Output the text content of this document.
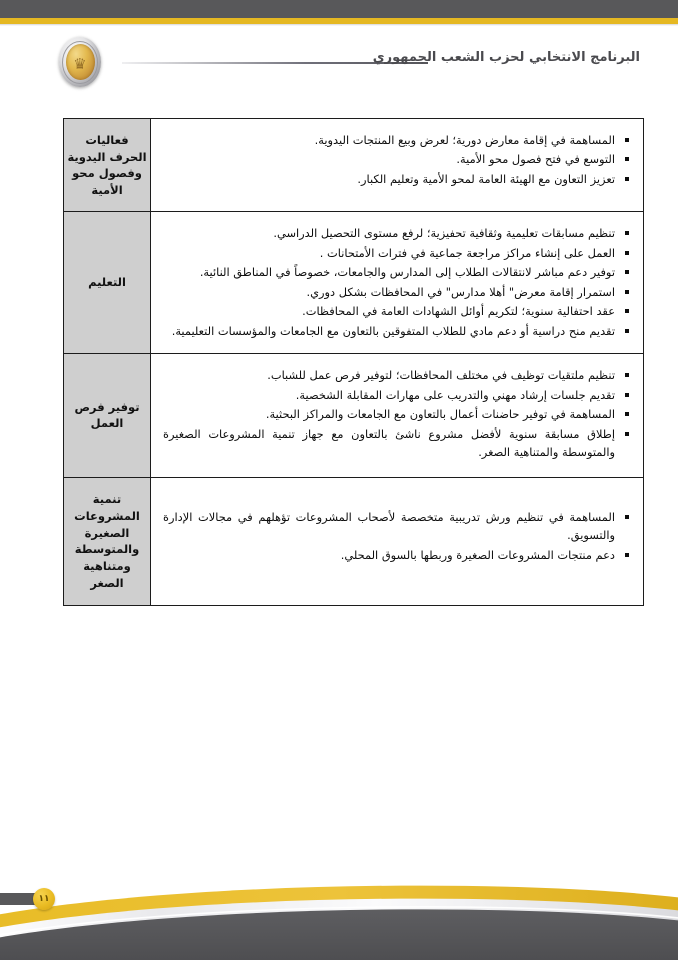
♛	البرنامج الانتخابي لحزب الشعب الجمهوري
المساهمة في إقامة معارض دورية؛ لعرض وبيع المنتجات اليدوية.
التوسع في فتح فصول محو الأمية.
تعزيز التعاون مع الهيئة العامة لمحو الأمية وتعليم الكبار.
	فعاليات الحرف اليدوية وفصول محو الأمية

تنظيم مسابقات تعليمية وثقافية تحفيزية؛ لرفع مستوى التحصيل الدراسي.
العمل على إنشاء مراكز مراجعة جماعية في فترات الأمتحانات .
توفير دعم مباشر لانتقالات الطلاب إلى المدارس والجامعات، خصوصاً في المناطق النائية.
استمرار إقامة معرض" أهلا مدارس" في المحافظات بشكل دوري.
عقد احتفالية سنوية؛ لتكريم أوائل الشهادات العامة في المحافظات.
تقديم منح دراسية أو دعم مادي للطلاب المتفوقين بالتعاون مع الجامعات والمؤسسات التعليمية.
	التعليم

تنظيم ملتقيات توظيف في مختلف المحافظات؛ لتوفير فرص عمل للشباب.
تقديم جلسات إرشاد مهني والتدريب على مهارات المقابلة الشخصية.
المساهمة في توفير حاضنات أعمال بالتعاون مع الجامعات والمراكز البحثية.
إطلاق مسابقة سنوية لأفضل مشروع ناشئ بالتعاون مع جهاز تنمية المشروعات الصغيرة والمتوسطة والمتناهية الصغر.
	توفير فرص العمل

المساهمة في تنظيم ورش تدريبية متخصصة لأصحاب المشروعات تؤهلهم في مجالات الإدارة والتسويق.
دعم منتجات المشروعات الصغيرة وربطها بالسوق المحلي.
	تنمية المشروعات الصغيرة والمتوسطة ومتناهية الصغر
١١
